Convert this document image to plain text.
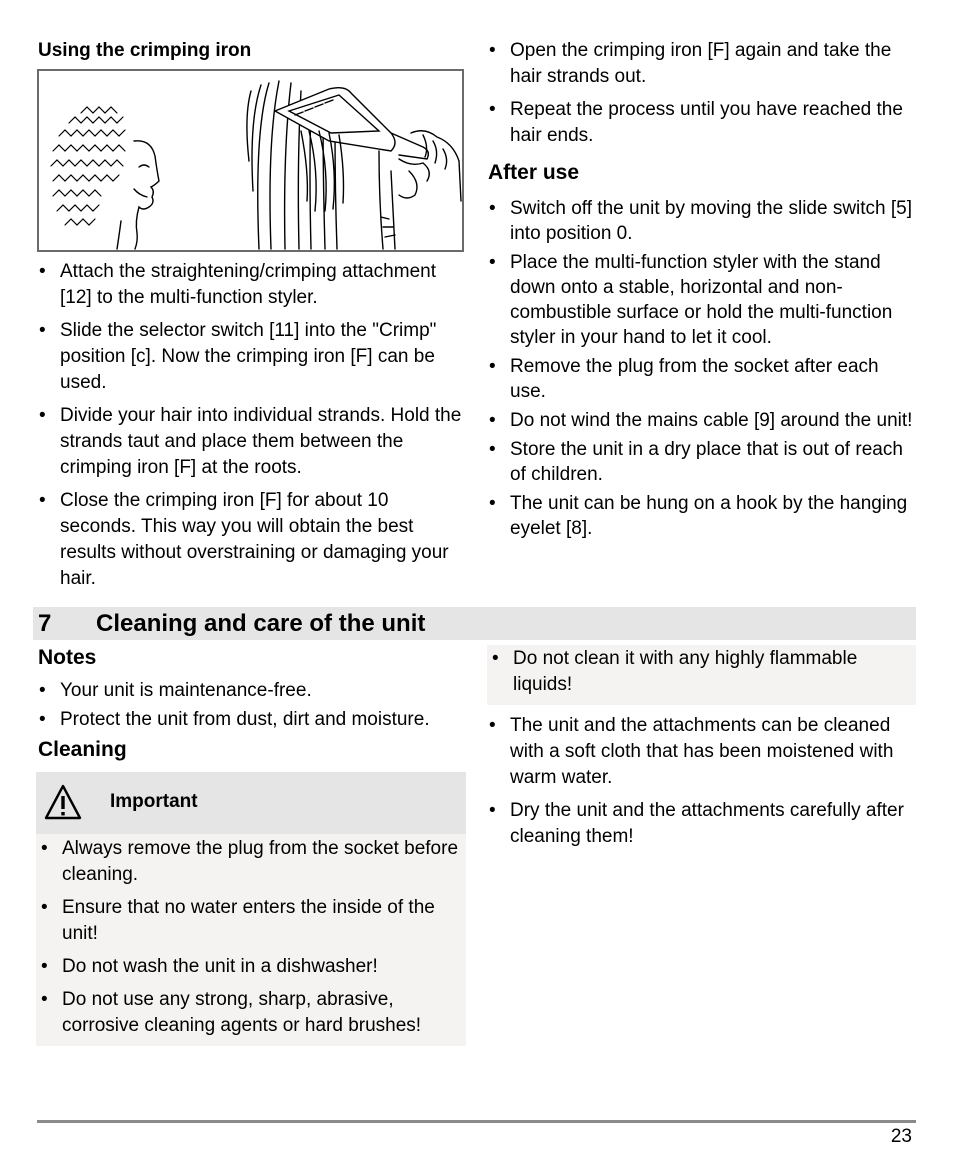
Using the crimping iron
• Attach the straightening/crimping attachment [12] to the multi-function styler.
• Slide the selector switch [11] into the "Crimp" position [c]. Now the crimping iron [F] can be used.
• Divide your hair into individual strands. Hold the strands taut and place them between the crimping iron [F] at the roots.
• Close the crimping iron [F] for about 10 seconds. This way you will obtain the best results without overstraining or damaging your hair.
• Open the crimping iron [F] again and take the hair strands out.
• Repeat the process until you have reached the hair ends.
After use
• Switch off the unit by moving the slide switch [5] into position 0.
• Place the multi-function styler with the stand down onto a stable, horizontal and non-combustible surface or hold the multi-function styler in your hand to let it cool.
• Remove the plug from the socket after each use.
• Do not wind the mains cable [9] around the unit!
• Store the unit in a dry place that is out of reach of children.
• The unit can be hung on a hook by the hanging eyelet [8].
7 Cleaning and care of the unit
Notes
• Your unit is maintenance-free.
• Protect the unit from dust, dirt and moisture.
Cleaning
Important
• Always remove the plug from the socket before cleaning.
• Ensure that no water enters the inside of the unit!
• Do not wash the unit in a dishwasher!
• Do not use any strong, sharp, abrasive, corrosive cleaning agents or hard brushes!
• Do not clean it with any highly flammable liquids!
• The unit and the attachments can be cleaned with a soft cloth that has been moistened with warm water.
• Dry the unit and the attachments carefully after cleaning them!
23
